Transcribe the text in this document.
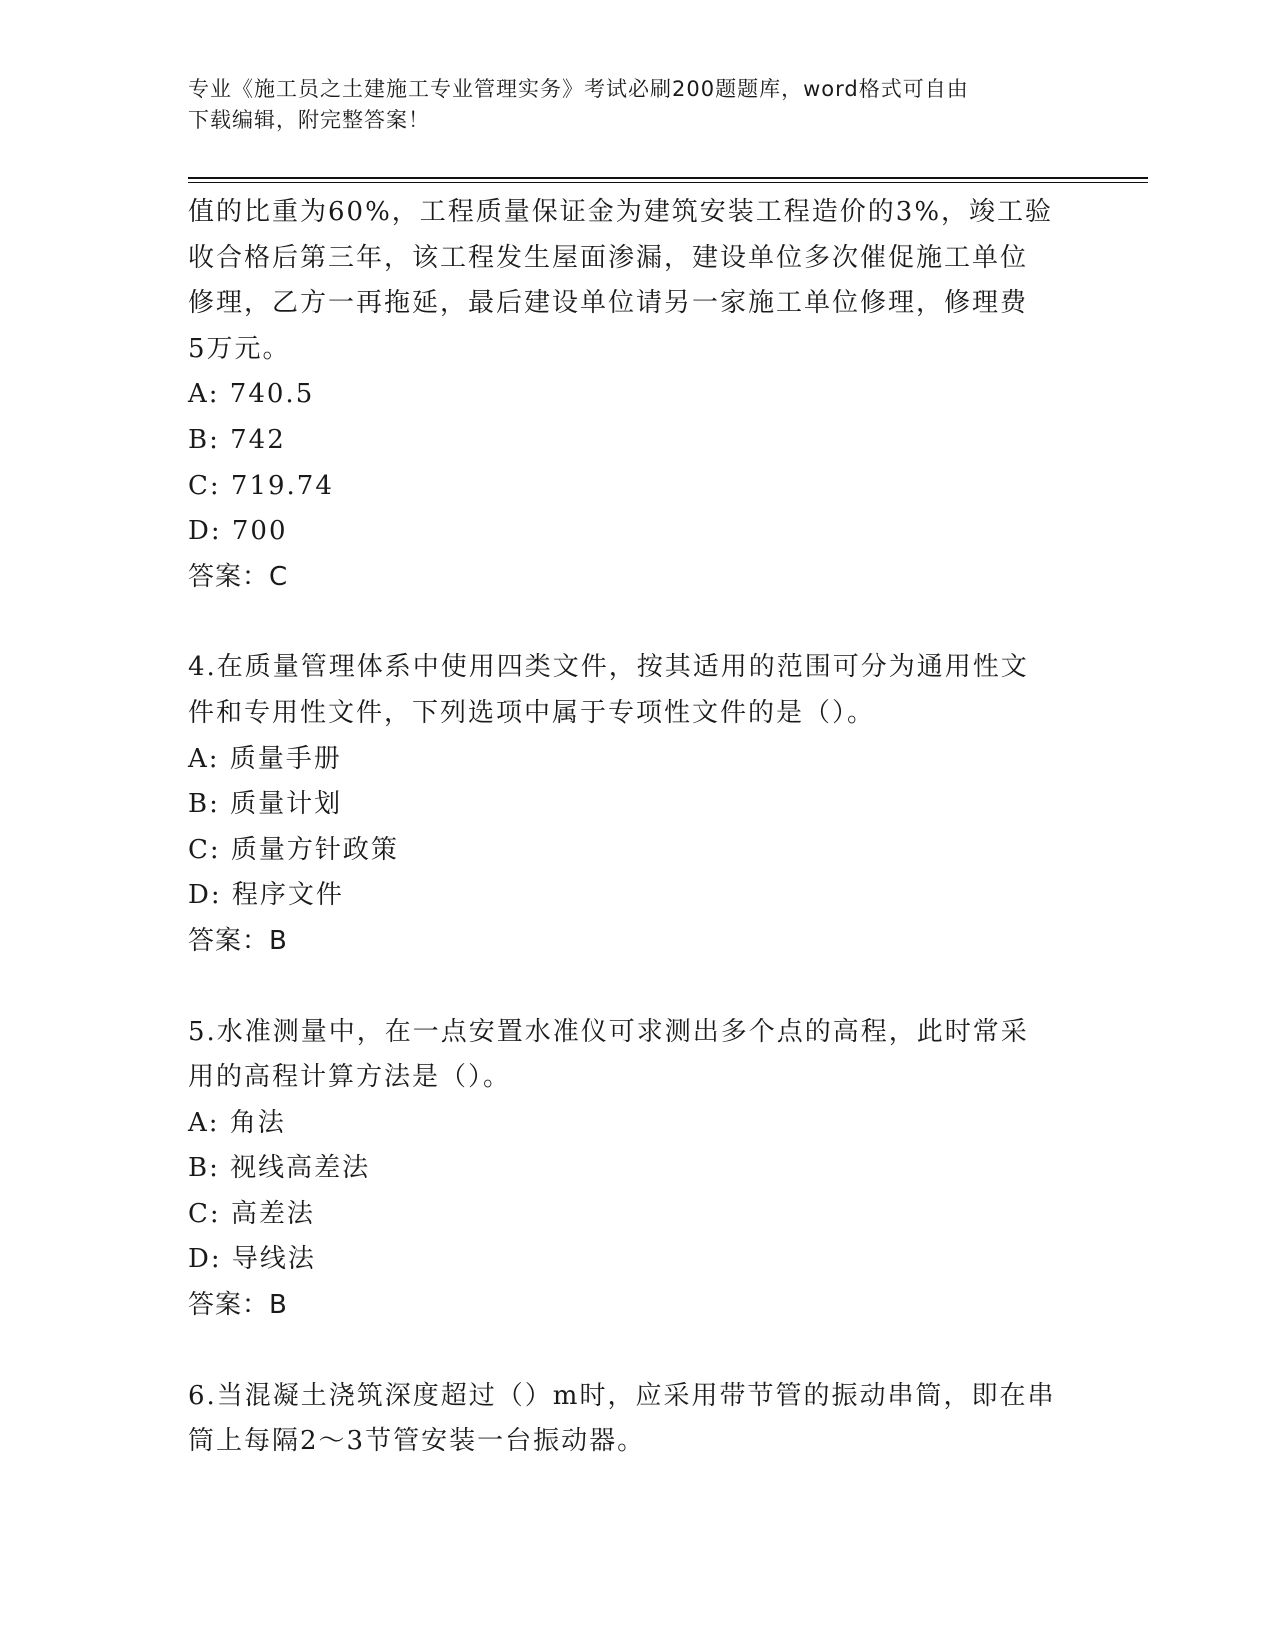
专业《施工员之土建施工专业管理实务》考试必刷200题题库，word格式可自由
下载编辑，附完整答案！
值的比重为60%，工程质量保证金为建筑安装工程造价的3%，竣工验
收合格后第三年，该工程发生屋面渗漏，建设单位多次催促施工单位
修理，乙方一再拖延，最后建设单位请另一家施工单位修理，修理费
5万元。
A: 740.5
B: 742
C: 719.74
D: 700
答案：C
4.在质量管理体系中使用四类文件，按其适用的范围可分为通用性文
件和专用性文件，下列选项中属于专项性文件的是（）。
A: 质量手册
B: 质量计划
C: 质量方针政策
D: 程序文件
答案：B
5.水准测量中，在一点安置水准仪可求测出多个点的高程，此时常采
用的高程计算方法是（）。
A: 角法
B: 视线高差法
C: 高差法
D: 导线法
答案：B
6.当混凝土浇筑深度超过（）m时，应采用带节管的振动串筒，即在串
筒上每隔2～3节管安装一台振动器。
